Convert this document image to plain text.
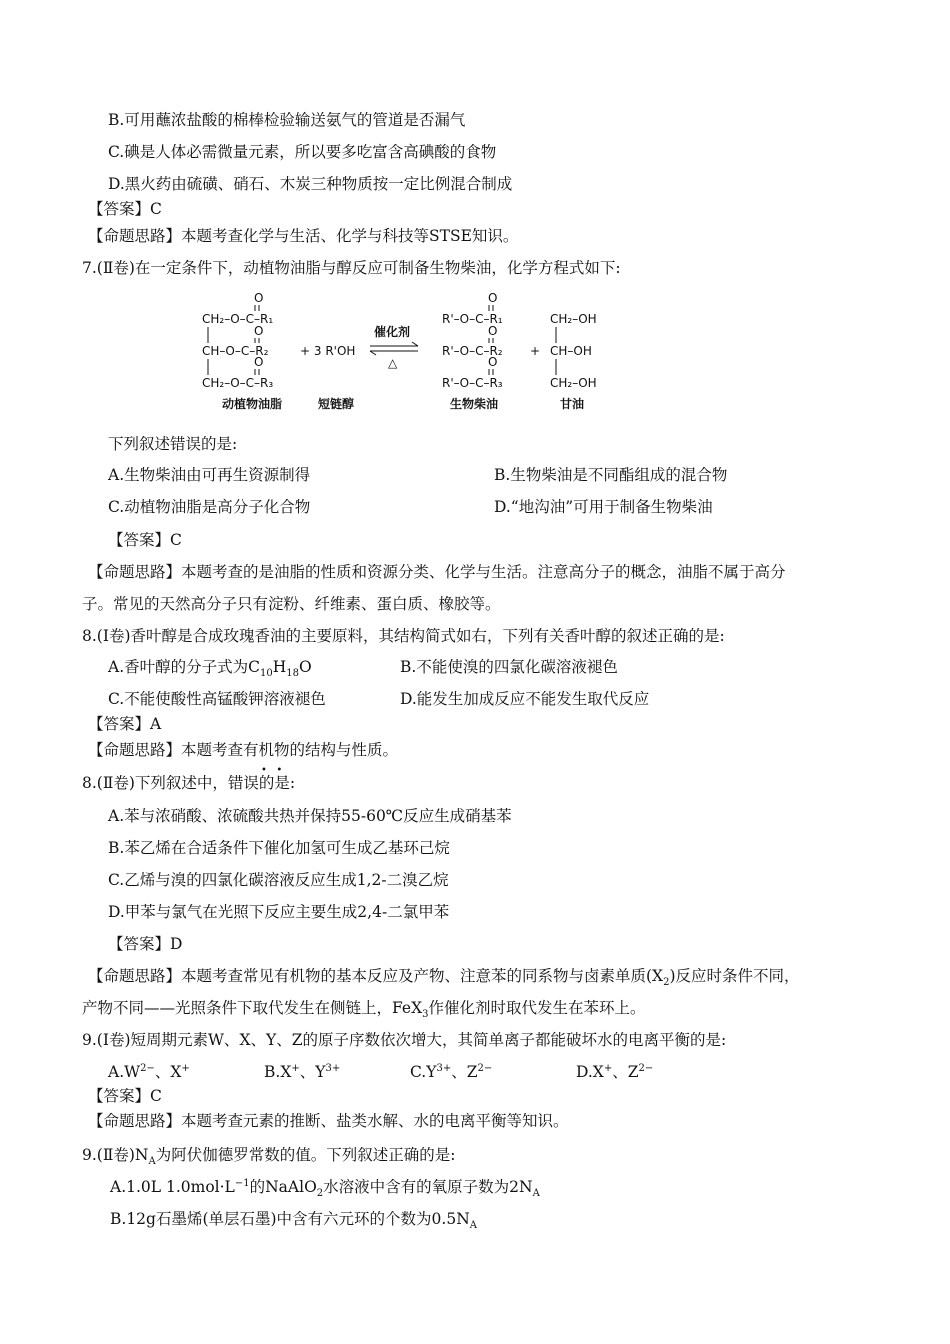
B.可用蘸浓盐酸的棉棒检验输送氨气的管道是否漏气
C.碘是人体必需微量元素，所以要多吃富含高碘酸的食物
D.黑火药由硫磺、硝石、木炭三种物质按一定比例混合制成
【答案】C
【命题思路】本题考查化学与生活、化学与科技等STSE知识。
7.(Ⅱ卷)在一定条件下，动植物油脂与醇反应可制备生物柴油，化学方程式如下:
O
O
O
CH₂–O–C–R₁
CH–O–C–R₂
CH₂–O–C–R₃
动植物油脂
+ 3 R'OH
短链醇
催化剂
△
O
O
O
R'–O–C–R₁
R'–O–C–R₂
R'–O–C–R₃
生物柴油
+
CH₂–OH
CH–OH
CH₂–OH
甘油
下列叙述错误的是:
A.生物柴油由可再生资源制得	B.生物柴油是不同酯组成的混合物
C.动植物油脂是高分子化合物	D.“地沟油”可用于制备生物柴油
【答案】C
【命题思路】本题考查的是油脂的性质和资源分类、化学与生活。注意高分子的概念，油脂不属于高分
子。常见的天然高分子只有淀粉、纤维素、蛋白质、橡胶等。
8.(Ⅰ卷)香叶醇是合成玫瑰香油的主要原料，其结构简式如右，下列有关香叶醇的叙述正确的是:
A.香叶醇的分子式为$C_{10}H_{18}O$	B.不能使溴的四氯化碳溶液褪色
C.不能使酸性高锰酸钾溶液褪色	D.能发生加成反应不能发生取代反应
【答案】A
【命题思路】本题考查有机物的结构与性质。
8.(Ⅱ卷)下列叙述中，错误的是:
•   •
A.苯与浓硝酸、浓硫酸共热并保持55-60℃反应生成硝基苯
B.苯乙烯在合适条件下催化加氢可生成乙基环己烷
C.乙烯与溴的四氯化碳溶液反应生成1,2-二溴乙烷
D.甲苯与氯气在光照下反应主要生成2,4-二氯甲苯
【答案】D
【命题思路】本题考查常见有机物的基本反应及产物、注意苯的同系物与卤素单质$(X_2)$反应时条件不同，
产物不同——光照条件下取代发生在侧链上，FeX$_3$作催化剂时取代发生在苯环上。
9.(Ⅰ卷)短周期元素W、X、Y、Z的原子序数依次增大，其简单离子都能破坏水的电离平衡的是:
$A.W^{2-}$、X+	B.X+、$Y^{3+}$	$C.Y^{3+}$、$Z^{2-}$	D.X+、$Z^{2-}$
【答案】C
【命题思路】本题考查元素的推断、盐类水解、水的电离平衡等知识。
9.(Ⅱ卷)$N_A$为阿伏伽德罗常数的值。下列叙述正确的是:
A.1.0L $1.0mol\cdot L^{-1}$的NaAlO$_2$水溶液中含有的氧原子数为$2N_A$
B.12g石墨烯(单层石墨)中含有六元环的个数为$0.5N_A$
